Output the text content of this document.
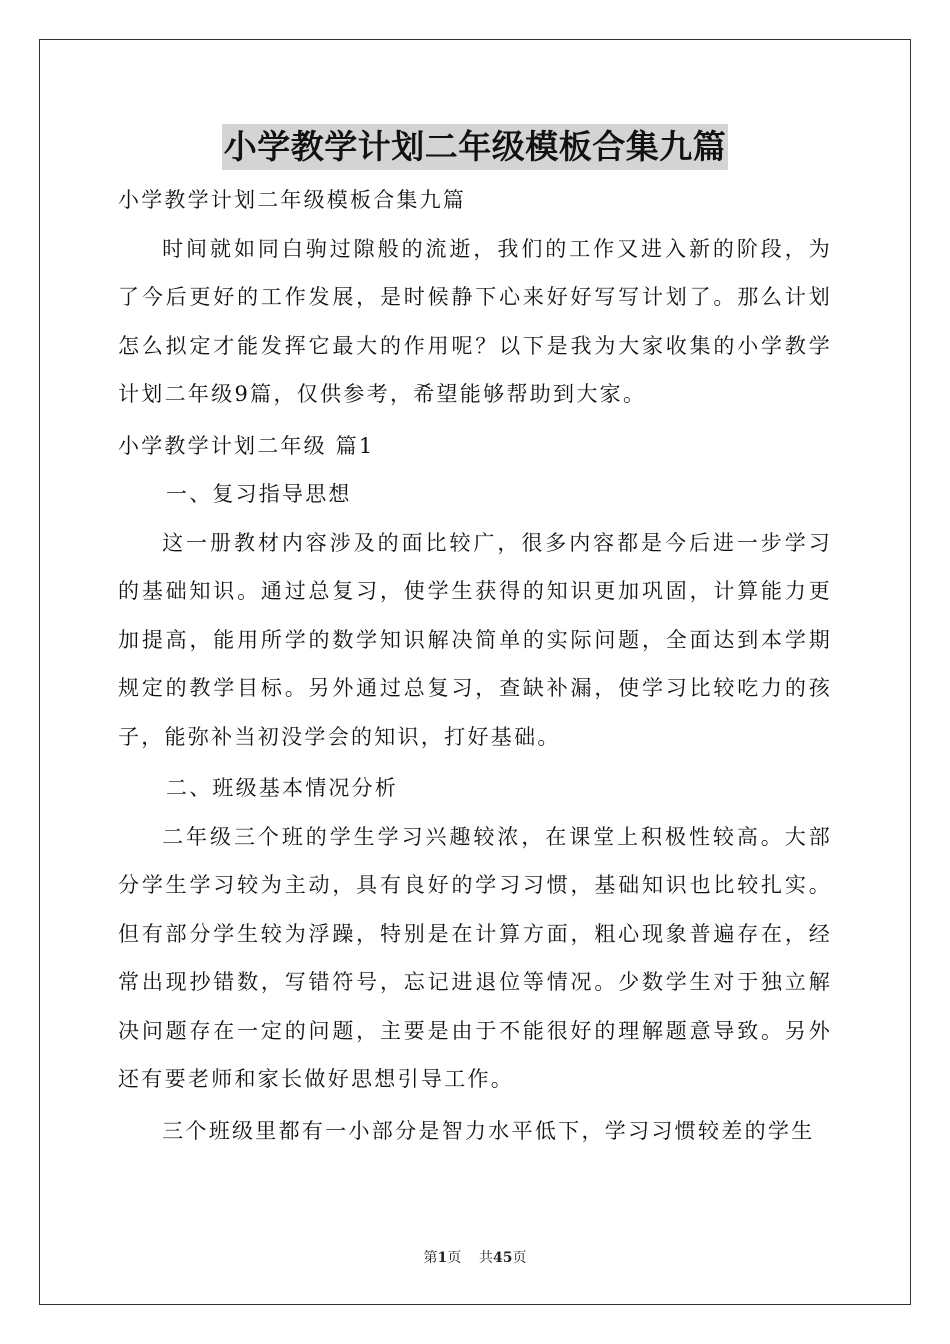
小学教学计划二年级模板合集九篇
小学教学计划二年级模板合集九篇
时间就如同白驹过隙般的流逝，我们的工作又进入新的阶段，为了今后更好的工作发展，是时候静下心来好好写写计划了。那么计划怎么拟定才能发挥它最大的作用呢？以下是我为大家收集的小学教学计划二年级9篇，仅供参考，希望能够帮助到大家。
小学教学计划二年级 篇1
一、复习指导思想
这一册教材内容涉及的面比较广，很多内容都是今后进一步学习的基础知识。通过总复习，使学生获得的知识更加巩固，计算能力更加提高，能用所学的数学知识解决简单的实际问题，全面达到本学期规定的教学目标。另外通过总复习，查缺补漏，使学习比较吃力的孩子，能弥补当初没学会的知识，打好基础。
二、班级基本情况分析
二年级三个班的学生学习兴趣较浓，在课堂上积极性较高。大部分学生学习较为主动，具有良好的学习习惯，基础知识也比较扎实。但有部分学生较为浮躁，特别是在计算方面，粗心现象普遍存在，经常出现抄错数，写错符号，忘记进退位等情况。少数学生对于独立解决问题存在一定的问题，主要是由于不能很好的理解题意导致。另外还有要老师和家长做好思想引导工作。
三个班级里都有一小部分是智力水平低下，学习习惯较差的学生
第1页    共45页
